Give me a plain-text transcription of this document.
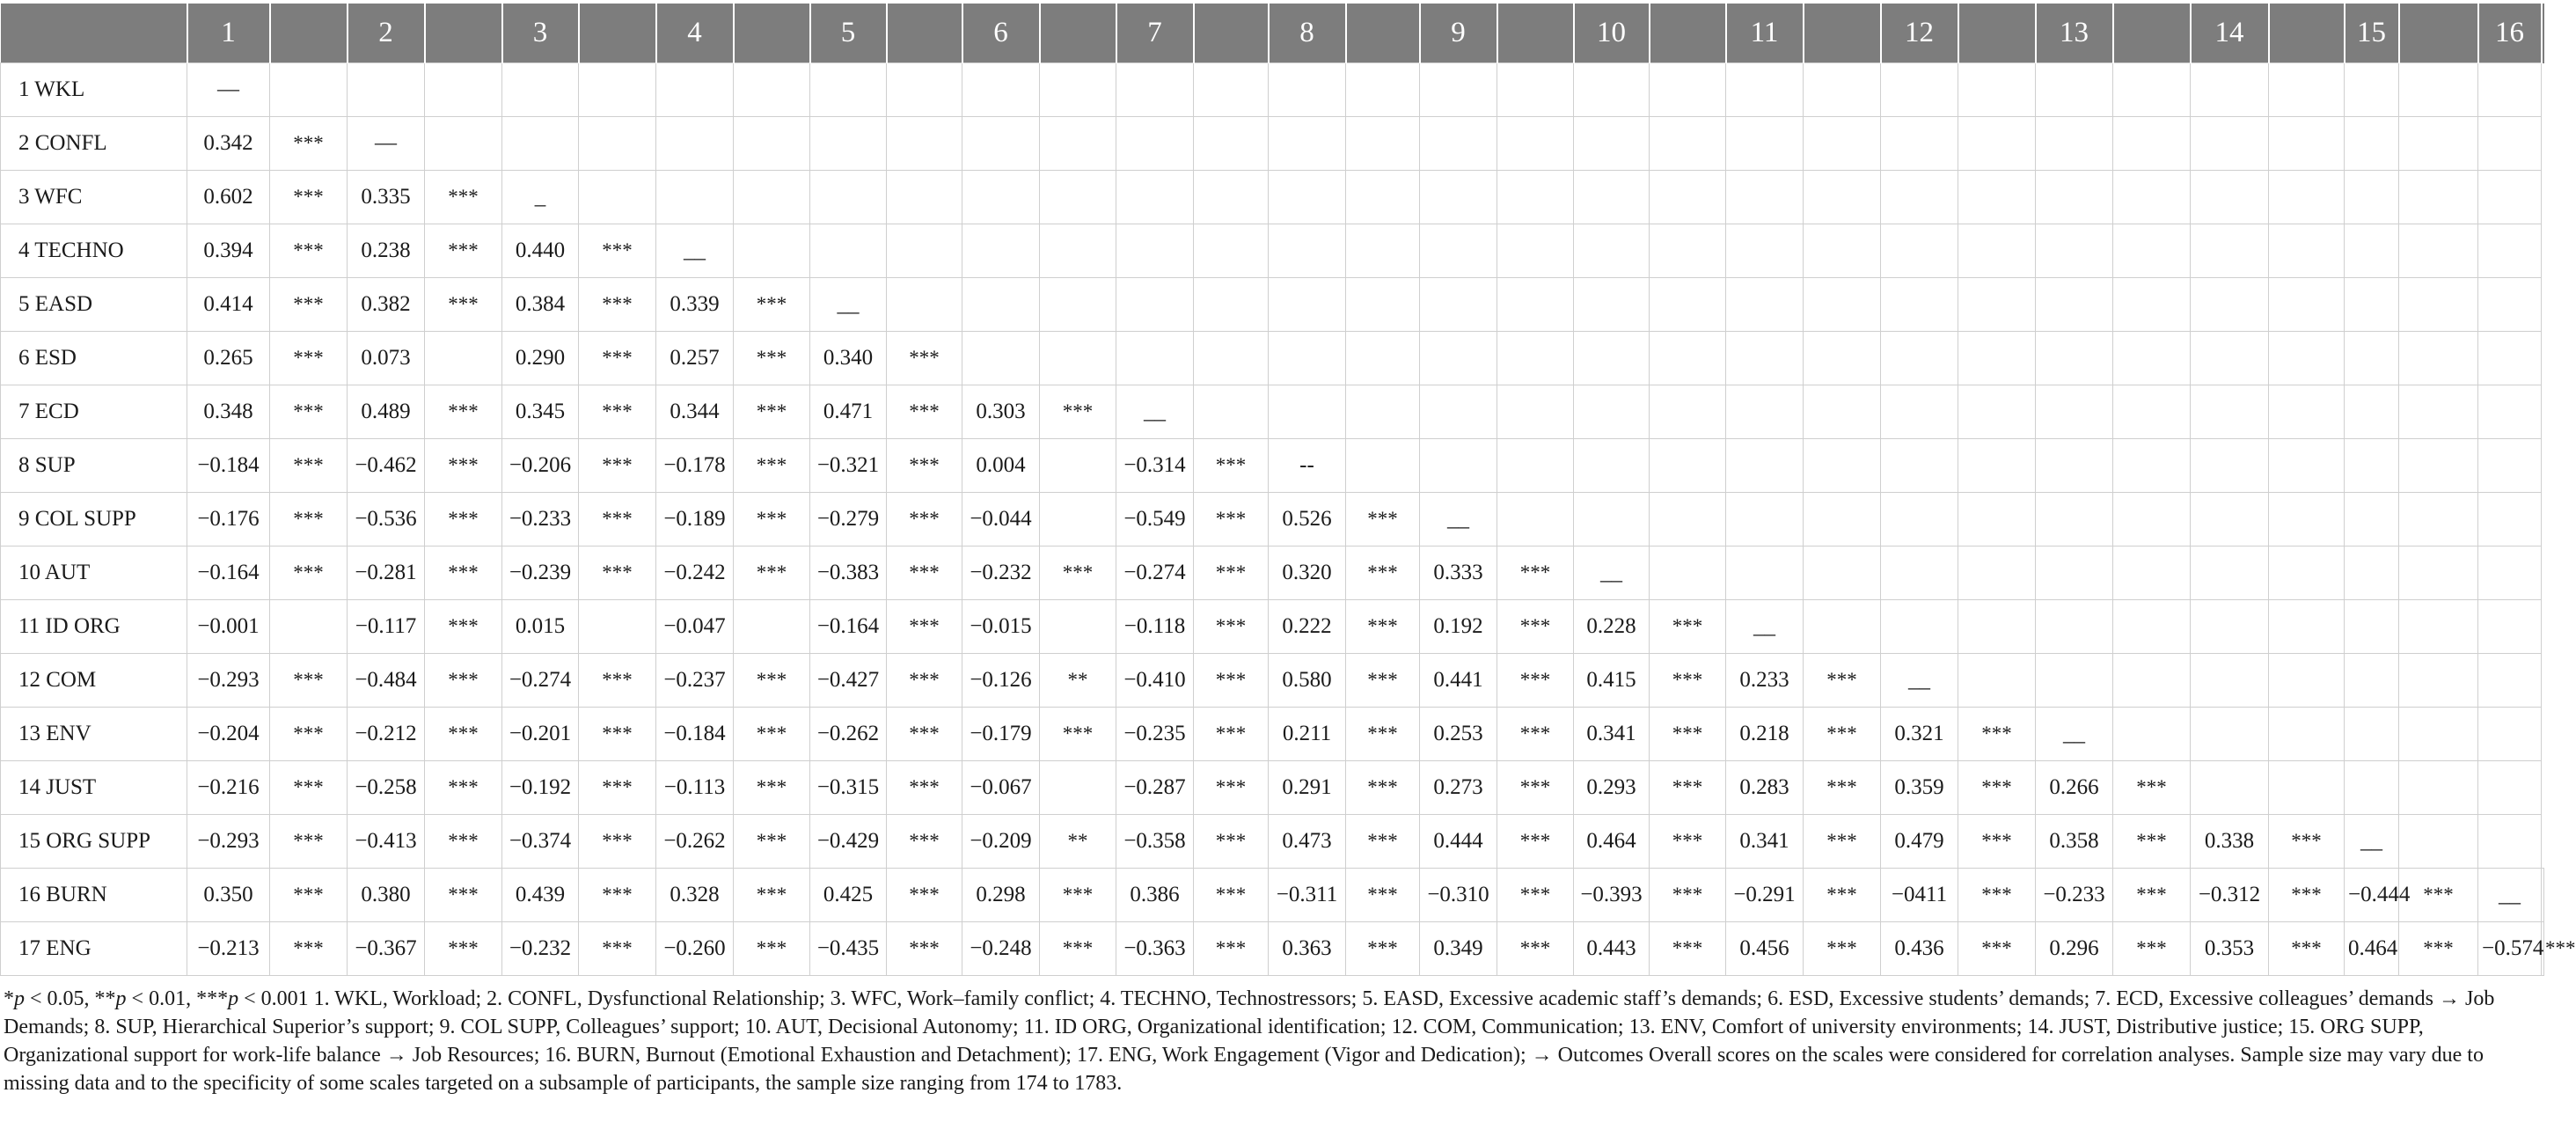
	1		2		3		4		5		6		7		8		9		10		11		12		13		14		15		16	
1 WKL	—																															
2 CONFL	0.342	***	—																													
3 WFC	0.602	***	0.335	***	_																											
4 TECHNO	0.394	***	0.238	***	0.440	***	__																									
5 EASD	0.414	***	0.382	***	0.384	***	0.339	***	__																							
6 ESD	0.265	***	0.073		0.290	***	0.257	***	0.340	***																						
7 ECD	0.348	***	0.489	***	0.345	***	0.344	***	0.471	***	0.303	***	__																			
8 SUP	−0.184	***	−0.462	***	−0.206	***	−0.178	***	−0.321	***	0.004		−0.314	***	--																	
9 COL SUPP	−0.176	***	−0.536	***	−0.233	***	−0.189	***	−0.279	***	−0.044		−0.549	***	0.526	***	__															
10 AUT	−0.164	***	−0.281	***	−0.239	***	−0.242	***	−0.383	***	−0.232	***	−0.274	***	0.320	***	0.333	***	__													
11 ID ORG	−0.001		−0.117	***	0.015		−0.047		−0.164	***	−0.015		−0.118	***	0.222	***	0.192	***	0.228	***	__											
12 COM	−0.293	***	−0.484	***	−0.274	***	−0.237	***	−0.427	***	−0.126	**	−0.410	***	0.580	***	0.441	***	0.415	***	0.233	***	__									
13 ENV	−0.204	***	−0.212	***	−0.201	***	−0.184	***	−0.262	***	−0.179	***	−0.235	***	0.211	***	0.253	***	0.341	***	0.218	***	0.321	***	__							
14 JUST	−0.216	***	−0.258	***	−0.192	***	−0.113	***	−0.315	***	−0.067		−0.287	***	0.291	***	0.273	***	0.293	***	0.283	***	0.359	***	0.266	***						
15 ORG SUPP	−0.293	***	−0.413	***	−0.374	***	−0.262	***	−0.429	***	−0.209	**	−0.358	***	0.473	***	0.444	***	0.464	***	0.341	***	0.479	***	0.358	***	0.338	***	__			
16 BURN	0.350	***	0.380	***	0.439	***	0.328	***	0.425	***	0.298	***	0.386	***	−0.311	***	−0.310	***	−0.393	***	−0.291	***	−0411	***	−0.233	***	−0.312	***	−0.444	***	__	
17 ENG	−0.213	***	−0.367	***	−0.232	***	−0.260	***	−0.435	***	−0.248	***	−0.363	***	0.363	***	0.349	***	0.443	***	0.456	***	0.436	***	0.296	***	0.353	***	0.464	***	−0.574	***

*p < 0.05, **p < 0.01, ***p < 0.001 1. WKL, Workload; 2. CONFL, Dysfunctional Relationship; 3. WFC, Work–family conflict; 4. TECHNO, Technostressors; 5. EASD, Excessive academic staff’s demands; 6. ESD, Excessive students’ demands; 7. ECD, Excessive colleagues’ demands → Job Demands; 8. SUP, Hierarchical Superior’s support; 9. COL SUPP, Colleagues’ support; 10. AUT, Decisional Autonomy; 11. ID ORG, Organizational identification; 12. COM, Communication; 13. ENV, Comfort of university environments; 14. JUST, Distributive justice; 15. ORG SUPP, Organizational support for work-life balance → Job Resources; 16. BURN, Burnout (Emotional Exhaustion and Detachment); 17. ENG, Work Engagement (Vigor and Dedication); → Outcomes Overall scores on the scales were considered for correlation analyses. Sample size may vary due to missing data and to the specificity of some scales targeted on a subsample of participants, the sample size ranging from 174 to 1783.
